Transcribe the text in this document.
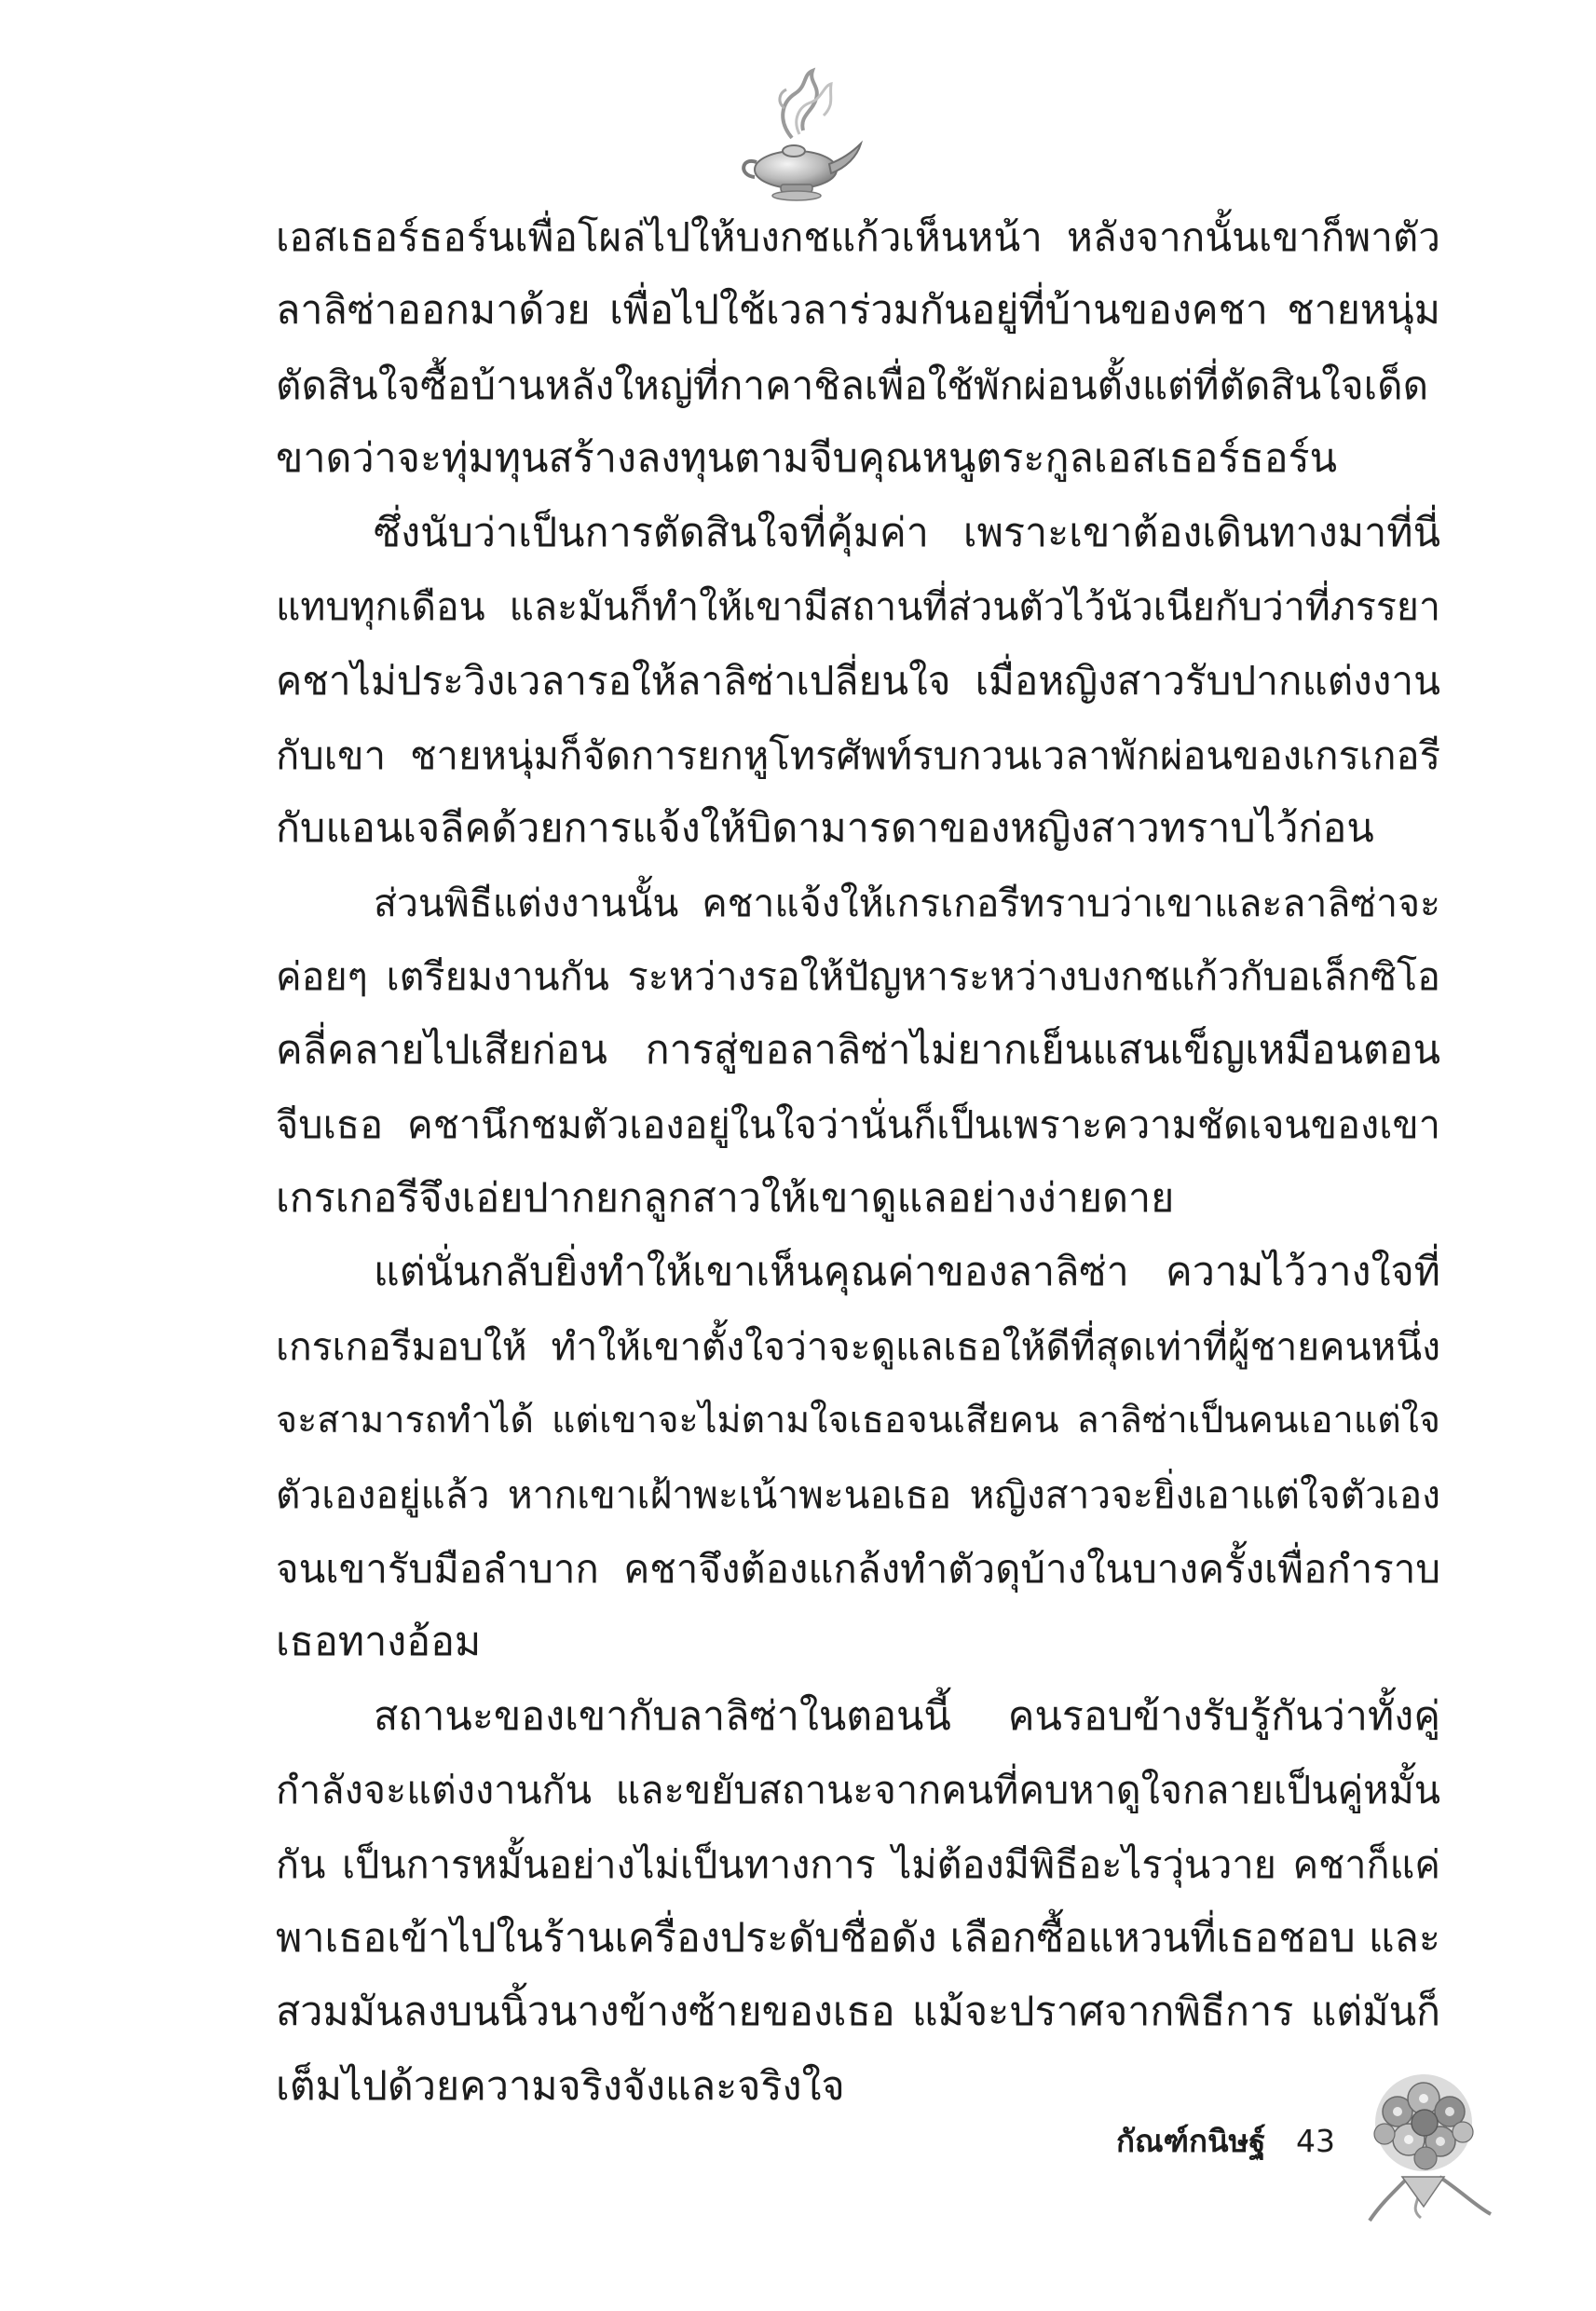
เอสเธอร์ธอร์นเพื่อโผล่ไปให้บงกชแก้วเห็นหน้า หลังจากนั้นเขาก็พาตัว
ลาลิซ่าออกมาด้วย เพื่อไปใช้เวลาร่วมกันอยู่ที่บ้านของคชา ชายหนุ่ม
ตัดสินใจซื้อบ้านหลังใหญ่ที่กาคาชิลเพื่อใช้พักผ่อนตั้งแต่ที่ตัดสินใจเด็ด
ขาดว่าจะทุ่มทุนสร้างลงทุนตามจีบคุณหนูตระกูลเอสเธอร์ธอร์น
ซึ่งนับว่าเป็นการตัดสินใจที่คุ้มค่า เพราะเขาต้องเดินทางมาที่นี่
แทบทุกเดือน และมันก็ทำให้เขามีสถานที่ส่วนตัวไว้นัวเนียกับว่าที่ภรรยา
คชาไม่ประวิงเวลารอให้ลาลิซ่าเปลี่ยนใจ เมื่อหญิงสาวรับปากแต่งงาน
กับเขา ชายหนุ่มก็จัดการยกหูโทรศัพท์รบกวนเวลาพักผ่อนของเกรเกอรี
กับแอนเจลีคด้วยการแจ้งให้บิดามารดาของหญิงสาวทราบไว้ก่อน
ส่วนพิธีแต่งงานนั้น คชาแจ้งให้เกรเกอรีทราบว่าเขาและลาลิซ่าจะ
ค่อยๆ เตรียมงานกัน ระหว่างรอให้ปัญหาระหว่างบงกชแก้วกับอเล็กซิโอ
คลี่คลายไปเสียก่อน การสู่ขอลาลิซ่าไม่ยากเย็นแสนเข็ญเหมือนตอน
จีบเธอ คชานึกชมตัวเองอยู่ในใจว่านั่นก็เป็นเพราะความชัดเจนของเขา
เกรเกอรีจึงเอ่ยปากยกลูกสาวให้เขาดูแลอย่างง่ายดาย
แต่นั่นกลับยิ่งทำให้เขาเห็นคุณค่าของลาลิซ่า ความไว้วางใจที่
เกรเกอรีมอบให้ ทำให้เขาตั้งใจว่าจะดูแลเธอให้ดีที่สุดเท่าที่ผู้ชายคนหนึ่ง
จะสามารถทำได้ แต่เขาจะไม่ตามใจเธอจนเสียคน ลาลิซ่าเป็นคนเอาแต่ใจ
ตัวเองอยู่แล้ว หากเขาเฝ้าพะเน้าพะนอเธอ หญิงสาวจะยิ่งเอาแต่ใจตัวเอง
จนเขารับมือลำบาก คชาจึงต้องแกล้งทำตัวดุบ้างในบางครั้งเพื่อกำราบ
เธอทางอ้อม
สถานะของเขากับลาลิซ่าในตอนนี้ คนรอบข้างรับรู้กันว่าทั้งคู่
กำลังจะแต่งงานกัน และขยับสถานะจากคนที่คบหาดูใจกลายเป็นคู่หมั้น
กัน เป็นการหมั้นอย่างไม่เป็นทางการ ไม่ต้องมีพิธีอะไรวุ่นวาย คชาก็แค่
พาเธอเข้าไปในร้านเครื่องประดับชื่อดัง เลือกซื้อแหวนที่เธอชอบ และ
สวมมันลงบนนิ้วนางข้างซ้ายของเธอ แม้จะปราศจากพิธีการ แต่มันก็
เต็มไปด้วยความจริงจังและจริงใจ
กัณฑ์กนิษฐ์ 43
